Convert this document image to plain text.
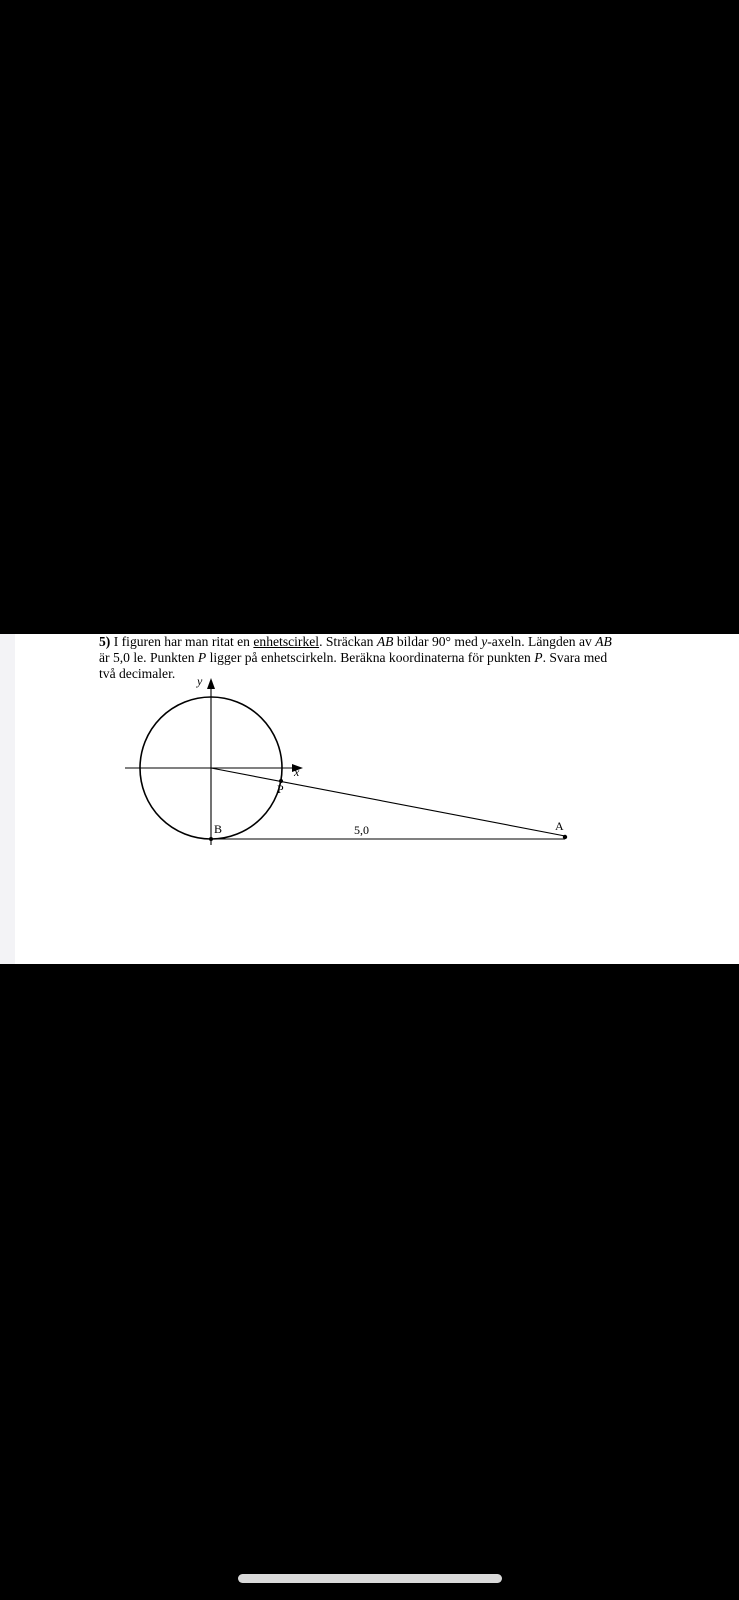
5) I figuren har man ritat en enhetscirkel. Sträckan AB bildar 90° med y-axeln. Längden av AB
är 5,0 le. Punkten P ligger på enhetscirkeln. Beräkna koordinaterna för punkten P. Svara med
två decimaler.	y
x
P
B	A
5,0
